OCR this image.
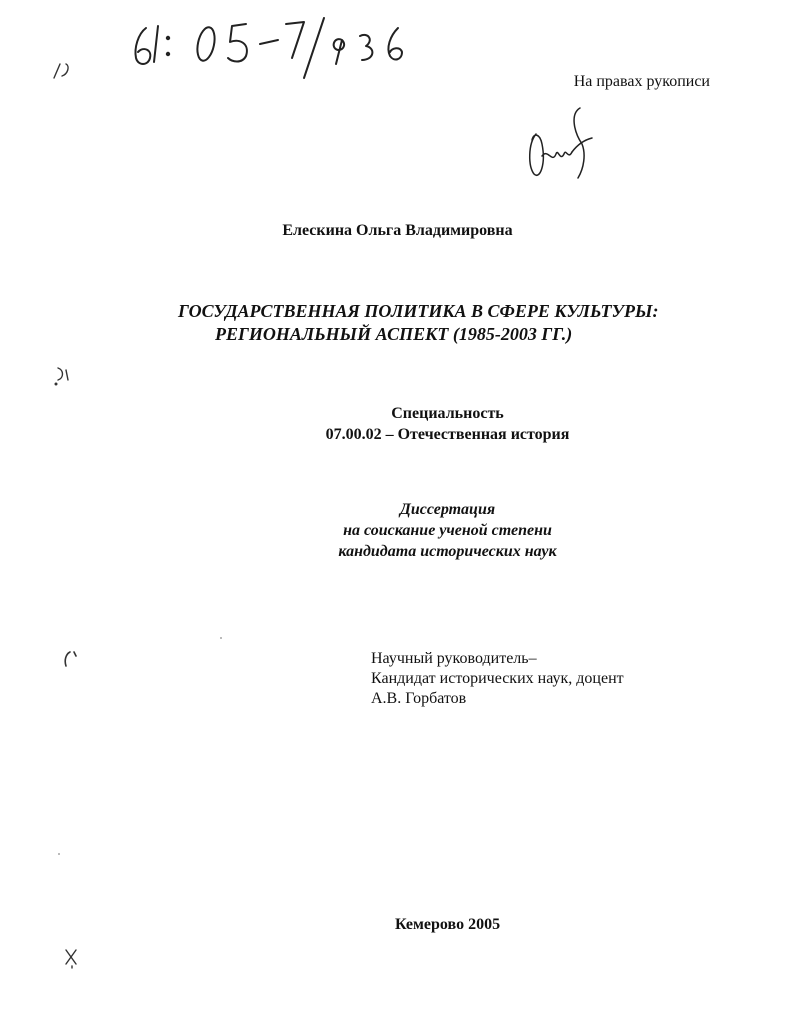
На правах рукописи
Елескина Ольга Владимировна
ГОСУДАРСТВЕННАЯ ПОЛИТИКА В СФЕРЕ КУЛЬТУРЫ:
РЕГИОНАЛЬНЫЙ АСПЕКТ (1985-2003 ГГ.)
Специальность
07.00.02 – Отечественная история
Диссертация
на соискание ученой степени
кандидата исторических наук
Научный руководитель–
Кандидат исторических наук, доцент
А.В. Горбатов
Кемерово 2005
